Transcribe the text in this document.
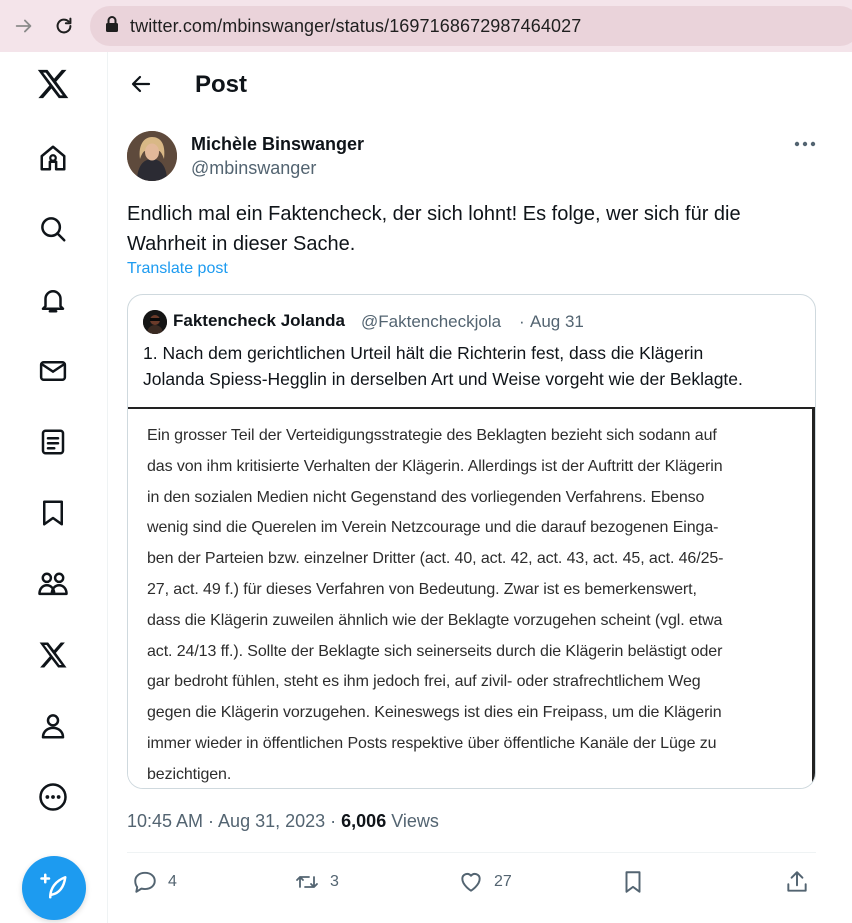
twitter.com/mbinswanger/status/1697168672987464027
Post
Michèle Binswanger
@mbinswanger
Endlich mal ein Faktencheck, der sich lohnt! Es folge, wer sich für die
Wahrheit in dieser Sache.
Translate post
Faktencheck Jolanda @Faktencheckjola · Aug 31
1. Nach dem gerichtlichen Urteil hält die Richterin fest, dass die Klägerin
Jolanda Spiess-Hegglin in derselben Art und Weise vorgeht wie der Beklagte.
Ein grosser Teil der Verteidigungsstrategie des Beklagten bezieht sich sodann auf
das von ihm kritisierte Verhalten der Klägerin. Allerdings ist der Auftritt der Klägerin
in den sozialen Medien nicht Gegenstand des vorliegenden Verfahrens. Ebenso
wenig sind die Querelen im Verein Netzcourage und die darauf bezogenen Einga-
ben der Parteien bzw. einzelner Dritter (act. 40, act. 42, act. 43, act. 45, act. 46/25-
27, act. 49 f.) für dieses Verfahren von Bedeutung. Zwar ist es bemerkenswert,
dass die Klägerin zuweilen ähnlich wie der Beklagte vorzugehen scheint (vgl. etwa
act. 24/13 ff.). Sollte der Beklagte sich seinerseits durch die Klägerin belästigt oder
gar bedroht fühlen, steht es ihm jedoch frei, auf zivil- oder strafrechtlichem Weg
gegen die Klägerin vorzugehen. Keineswegs ist dies ein Freipass, um die Klägerin
immer wieder in öffentlichen Posts respektive über öffentliche Kanäle der Lüge zu
bezichtigen.
10:45 AM · Aug 31, 2023 · 6,006 Views
4	3	27
